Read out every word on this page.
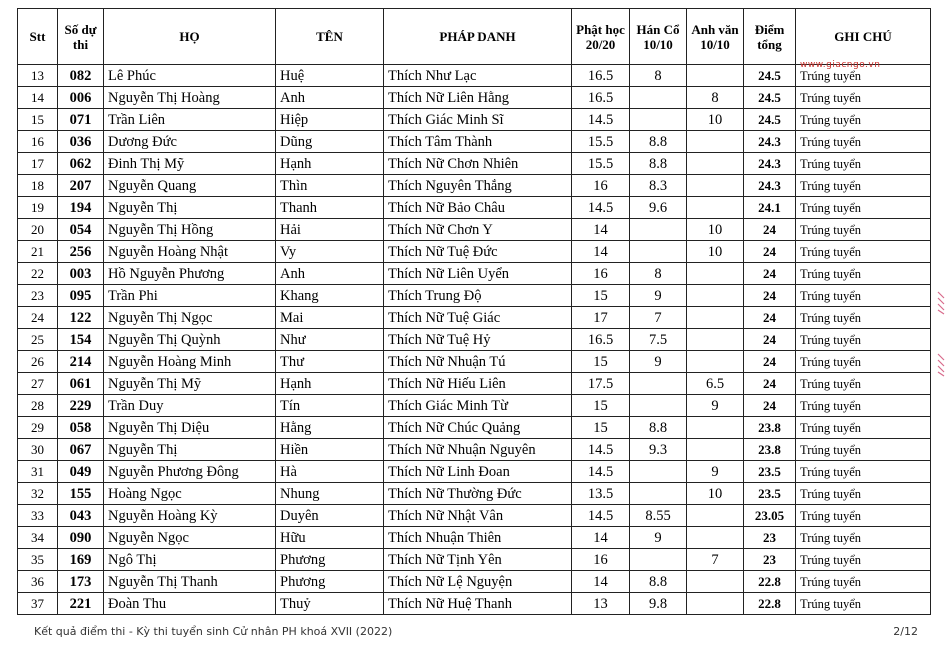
Stt	Số dự thi	HỌ	TÊN	PHÁP DANH	Phật học 20/20	Hán Cổ 10/10	Anh văn 10/10	Điểm tổng	GHI CHÚ
13	082	Lê Phúc	Huệ	Thích Như Lạc	16.5	8		24.5	Trúng tuyển
14	006	Nguyễn Thị Hoàng	Anh	Thích Nữ Liên Hằng	16.5		8	24.5	Trúng tuyển
15	071	Trần Liên	Hiệp	Thích Giác Minh Sĩ	14.5		10	24.5	Trúng tuyển
16	036	Dương Đức	Dũng	Thích Tâm Thành	15.5	8.8		24.3	Trúng tuyển
17	062	Đinh Thị Mỹ	Hạnh	Thích Nữ Chơn Nhiên	15.5	8.8		24.3	Trúng tuyển
18	207	Nguyễn Quang	Thìn	Thích Nguyên Thắng	16	8.3		24.3	Trúng tuyển
19	194	Nguyễn Thị	Thanh	Thích Nữ Bảo Châu	14.5	9.6		24.1	Trúng tuyển
20	054	Nguyễn Thị Hồng	Hải	Thích Nữ Chơn Y	14		10	24	Trúng tuyển
21	256	Nguyễn Hoàng Nhật	Vy	Thích Nữ Tuệ Đức	14		10	24	Trúng tuyển
22	003	Hồ Nguyễn Phương	Anh	Thích Nữ Liên Uyển	16	8		24	Trúng tuyển
23	095	Trần Phi	Khang	Thích Trung Độ	15	9		24	Trúng tuyển
24	122	Nguyễn Thị Ngọc	Mai	Thích Nữ Tuệ Giác	17	7		24	Trúng tuyển
25	154	Nguyễn Thị Quỳnh	Như	Thích Nữ Tuệ Hỷ	16.5	7.5		24	Trúng tuyển
26	214	Nguyễn Hoàng Minh	Thư	Thích Nữ Nhuận Tú	15	9		24	Trúng tuyển
27	061	Nguyễn Thị Mỹ	Hạnh	Thích Nữ Hiếu Liên	17.5		6.5	24	Trúng tuyển
28	229	Trần Duy	Tín	Thích Giác Minh Từ	15		9	24	Trúng tuyển
29	058	Nguyễn Thị Diệu	Hằng	Thích Nữ Chúc Quảng	15	8.8		23.8	Trúng tuyển
30	067	Nguyễn Thị	Hiền	Thích Nữ Nhuận Nguyên	14.5	9.3		23.8	Trúng tuyển
31	049	Nguyễn Phương Đông	Hà	Thích Nữ Linh Đoan	14.5		9	23.5	Trúng tuyển
32	155	Hoàng Ngọc	Nhung	Thích Nữ Thường Đức	13.5		10	23.5	Trúng tuyển
33	043	Nguyễn Hoàng Kỳ	Duyên	Thích Nữ Nhật Vân	14.5	8.55		23.05	Trúng tuyển
34	090	Nguyễn Ngọc	Hữu	Thích Nhuận Thiên	14	9		23	Trúng tuyển
35	169	Ngô Thị	Phương	Thích Nữ Tịnh Yên	16		7	23	Trúng tuyển
36	173	Nguyễn Thị Thanh	Phương	Thích Nữ Lệ Nguyện	14	8.8		22.8	Trúng tuyển
37	221	Đoàn Thu	Thuỷ	Thích Nữ Huệ Thanh	13	9.8		22.8	Trúng tuyển
www.giacngo.vn
Kết quả điểm thi - Kỳ thi tuyển sinh Cử nhân PH khoá XVII (2022)	2/12
